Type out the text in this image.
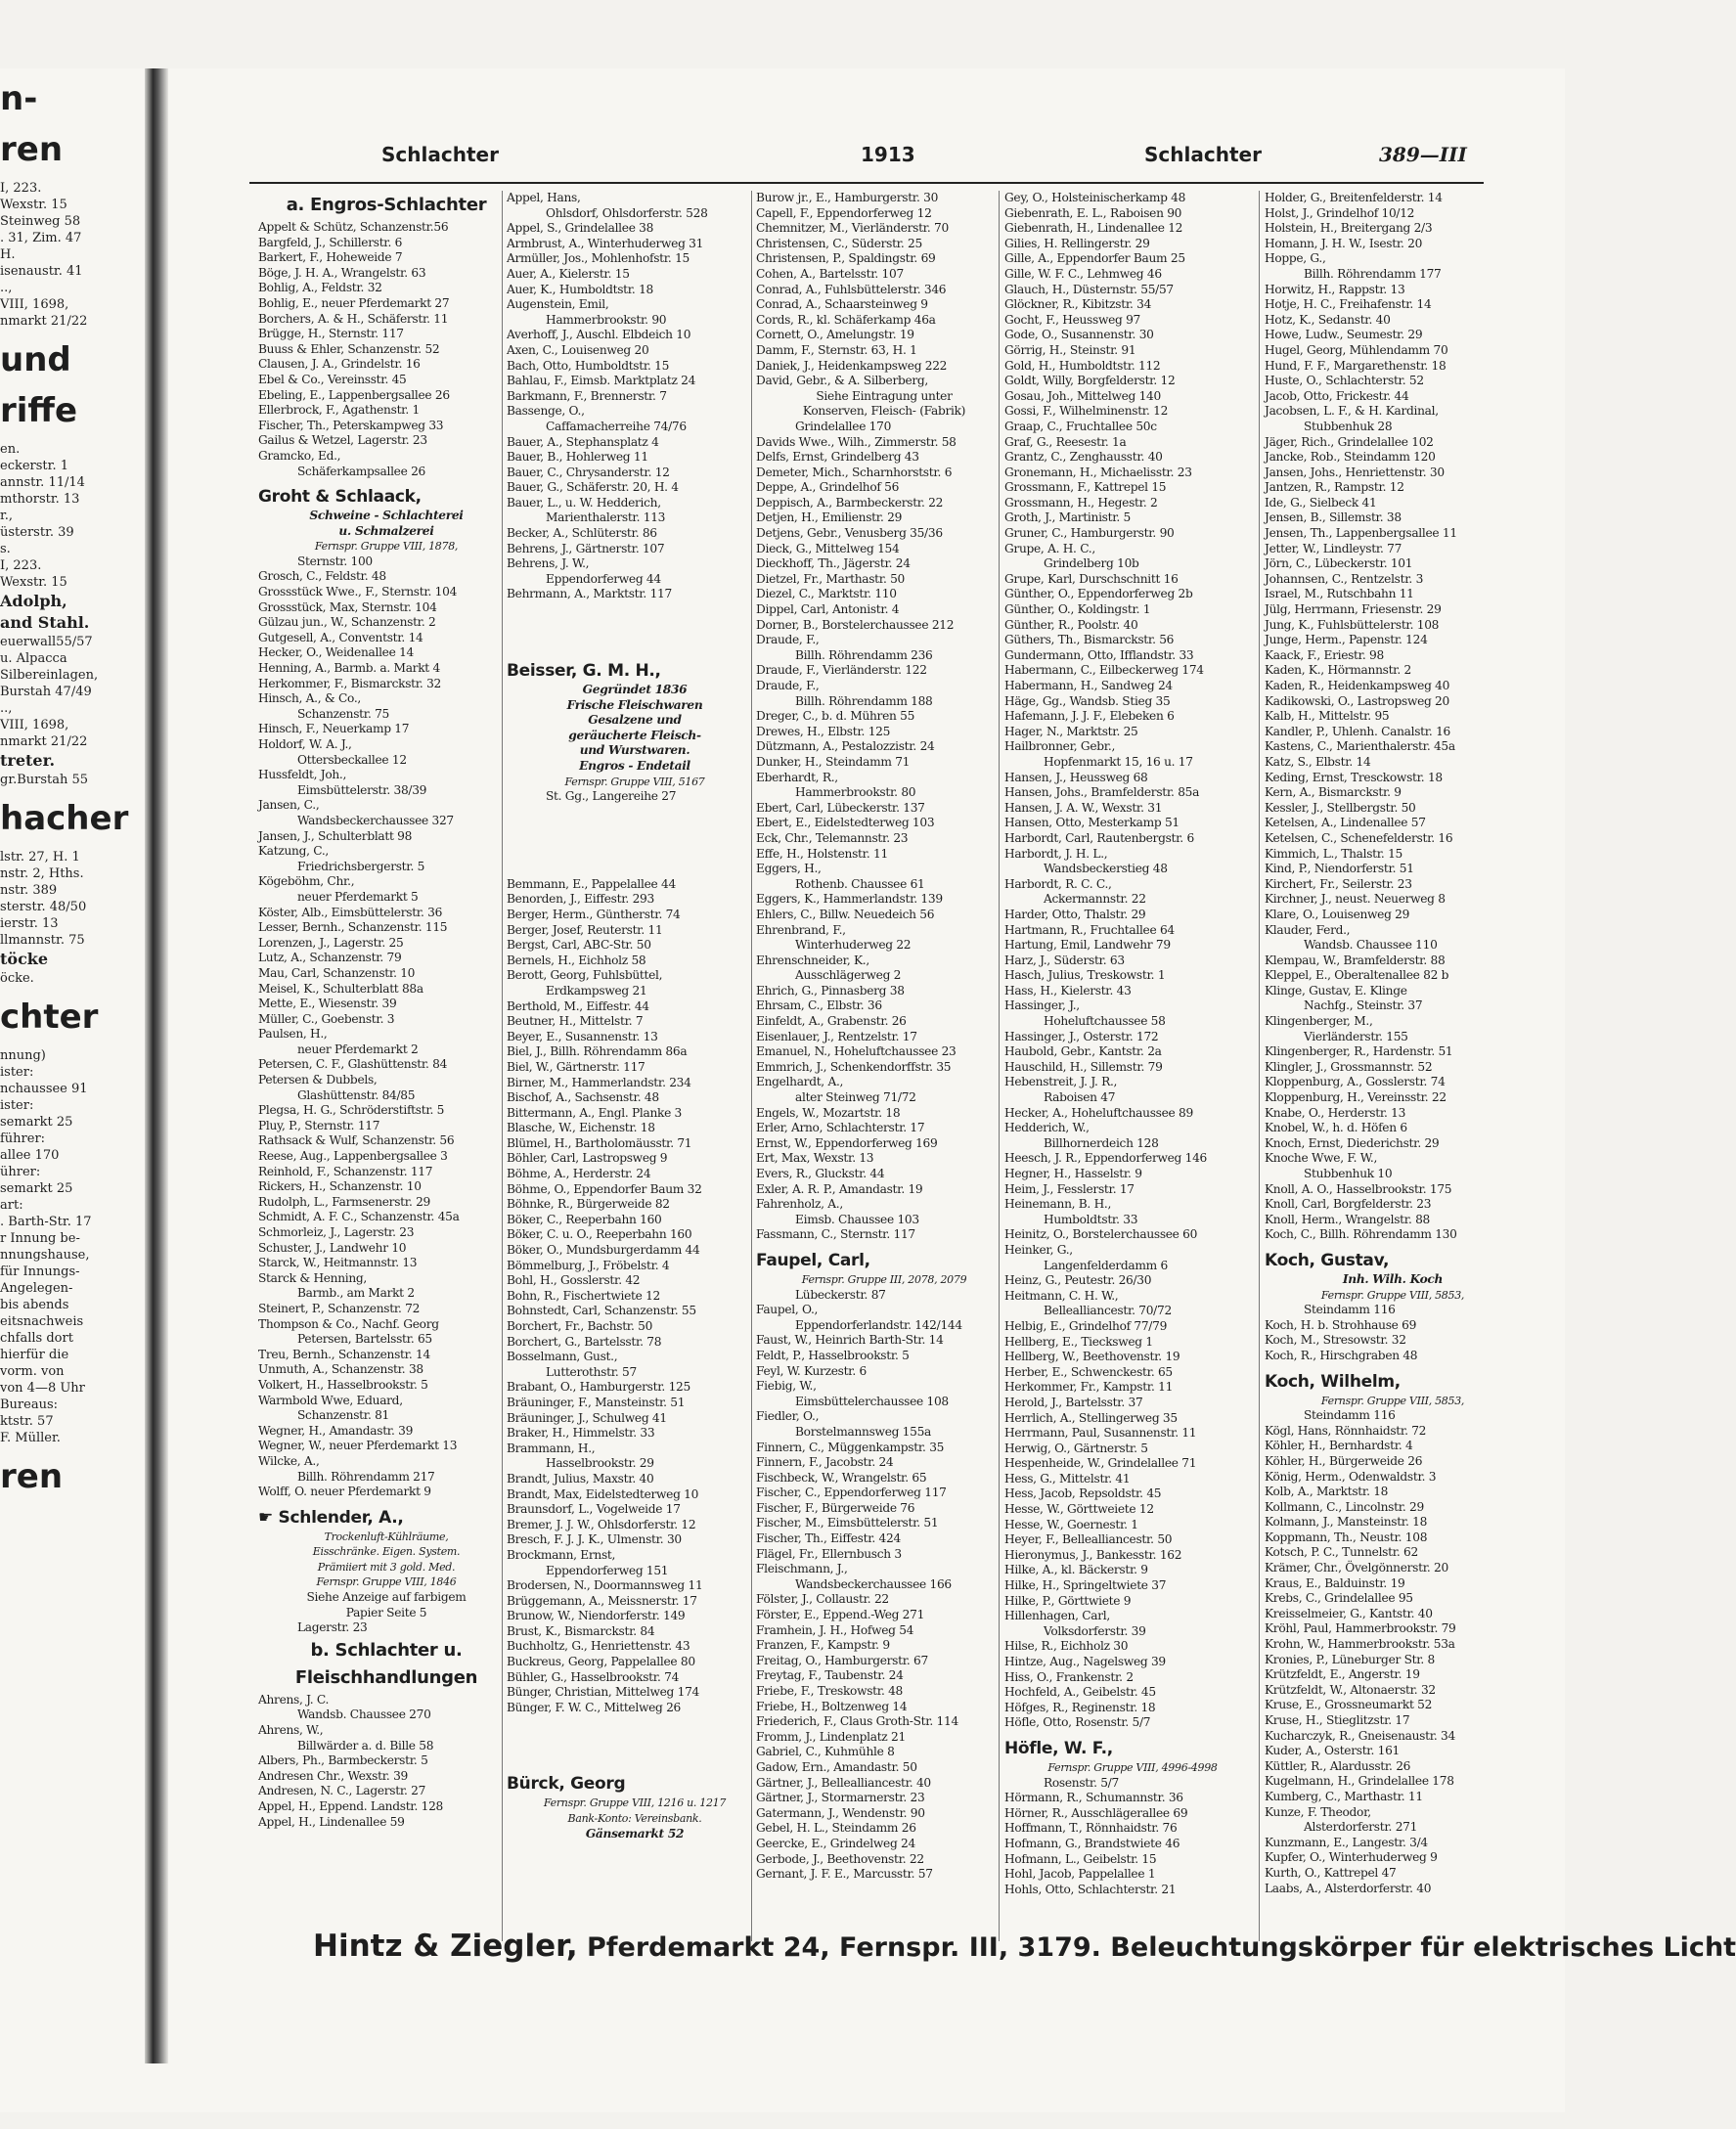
n-
ren
I, 223.
Wexstr. 15
Steinweg 58
. 31, Zim. 47
H.
isenaustr. 41
..,
VIII, 1698,
nmarkt 21/22
und
riffe
en.
eckerstr. 1
annstr. 11/14
mthorstr. 13
r.,
üsterstr. 39
s.
I, 223.
Wexstr. 15
Adolph,
and Stahl.
euerwall55/57
u. Alpacca
Silbereinlagen,
Burstah 47/49
..,
VIII, 1698,
nmarkt 21/22
treter.
gr.Burstah 55
hacher
lstr. 27, H. 1
nstr. 2, Hths.
nstr. 389
sterstr. 48/50
ierstr. 13
llmannstr. 75
töcke
öcke.
chter
nnung)
ister:
nchaussee 91
ister:
semarkt 25
führer:
allee 170
ührer:
semarkt 25
art:
. Barth-Str. 17
r Innung be-
nnungshause,
für Innungs-
Angelegen-
bis abends
eitsnachweis
chfalls dort
hierfür die
vorm. von
von 4—8 Uhr
Bureaus:
ktstr. 57
F. Müller.
ren
Schlachter	1913	Schlachter	389—III
a. Engros-Schlachter
Appelt & Schütz, Schanzenstr.56
Bargfeld, J., Schillerstr. 6
Barkert, F., Hoheweide 7
Böge, J. H. A., Wrangelstr. 63
Bohlig, A., Feldstr. 32
Bohlig, E., neuer Pferdemarkt 27
Borchers, A. & H., Schäferstr. 11
Brügge, H., Sternstr. 117
Buuss & Ehler, Schanzenstr. 52
Clausen, J. A., Grindelstr. 16
Ebel & Co., Vereinsstr. 45
Ebeling, E., Lappenbergsallee 26
Ellerbrock, F., Agathenstr. 1
Fischer, Th., Peterskampweg 33
Gailus & Wetzel, Lagerstr. 23
Gramcko, Ed.,
Schäferkampsallee 26
Groht & Schlaack,
Schweine - Schlachterei
u. Schmalzerei
Fernspr. Gruppe VIII, 1878,
Sternstr. 100
Grosch, C., Feldstr. 48
Grossstück Wwe., F., Sternstr. 104
Grossstück, Max, Sternstr. 104
Gülzau jun., W., Schanzenstr. 2
Gutgesell, A., Conventstr. 14
Hecker, O., Weidenallee 14
Henning, A., Barmb. a. Markt 4
Herkommer, F., Bismarckstr. 32
Hinsch, A., & Co.,
Schanzenstr. 75
Hinsch, F., Neuerkamp 17
Holdorf, W. A. J.,
Ottersbeckallee 12
Hussfeldt, Joh.,
Eimsbüttelerstr. 38/39
Jansen, C.,
Wandsbeckerchaussee 327
Jansen, J., Schulterblatt 98
Katzung, C.,
Friedrichsbergerstr. 5
Kögeböhm, Chr.,
neuer Pferdemarkt 5
Köster, Alb., Eimsbüttelerstr. 36
Lesser, Bernh., Schanzenstr. 115
Lorenzen, J., Lagerstr. 25
Lutz, A., Schanzenstr. 79
Mau, Carl, Schanzenstr. 10
Meisel, K., Schulterblatt 88a
Mette, E., Wiesenstr. 39
Müller, C., Goebenstr. 3
Paulsen, H.,
neuer Pferdemarkt 2
Petersen, C. F., Glashüttenstr. 84
Petersen & Dubbels,
Glashüttenstr. 84/85
Plegsa, H. G., Schröderstiftstr. 5
Pluy, P., Sternstr. 117
Rathsack & Wulf, Schanzenstr. 56
Reese, Aug., Lappenbergsallee 3
Reinhold, F., Schanzenstr. 117
Rickers, H., Schanzenstr. 10
Rudolph, L., Farmsenerstr. 29
Schmidt, A. F. C., Schanzenstr. 45a
Schmorleiz, J., Lagerstr. 23
Schuster, J., Landwehr 10
Starck, W., Heitmannstr. 13
Starck & Henning,
Barmb., am Markt 2
Steinert, P., Schanzenstr. 72
Thompson & Co., Nachf. Georg
Petersen, Bartelsstr. 65
Treu, Bernh., Schanzenstr. 14
Unmuth, A., Schanzenstr. 38
Volkert, H., Hasselbrookstr. 5
Warmbold Wwe, Eduard,
Schanzenstr. 81
Wegner, H., Amandastr. 39
Wegner, W., neuer Pferdemarkt 13
Wilcke, A.,
Billh. Röhrendamm 217
Wolff, O. neuer Pferdemarkt 9
☛ Schlender, A.,
Trockenluft-Kühlräume,
Eisschränke. Eigen. System.
Prämiiert mit 3 gold. Med.
Fernspr. Gruppe VIII, 1846
Siehe Anzeige auf farbigem
Papier Seite 5
Lagerstr. 23
b. Schlachter u.
Fleischhandlungen
Ahrens, J. C.
Wandsb. Chaussee 270
Ahrens, W.,
Billwärder a. d. Bille 58
Albers, Ph., Barmbeckerstr. 5
Andresen Chr., Wexstr. 39
Andresen, N. C., Lagerstr. 27
Appel, H., Eppend. Landstr. 128
Appel, H., Lindenallee 59
Appel, Hans,
Ohlsdorf, Ohlsdorferstr. 528
Appel, S., Grindelallee 38
Armbrust, A., Winterhuderweg 31
Armüller, Jos., Mohlenhofstr. 15
Auer, A., Kielerstr. 15
Auer, K., Humboldtstr. 18
Augenstein, Emil,
Hammerbrookstr. 90
Averhoff, J., Auschl. Elbdeich 10
Axen, C., Louisenweg 20
Bach, Otto, Humboldtstr. 15
Bahlau, F., Eimsb. Marktplatz 24
Barkmann, F., Brennerstr. 7
Bassenge, O.,
Caffamacherreihe 74/76
Bauer, A., Stephansplatz 4
Bauer, B., Hohlerweg 11
Bauer, C., Chrysanderstr. 12
Bauer, G., Schäferstr. 20, H. 4
Bauer, L., u. W. Hedderich,
Marienthalerstr. 113
Becker, A., Schlüterstr. 86
Behrens, J., Gärtnerstr. 107
Behrens, J. W.,
Eppendorferweg 44
Behrmann, A., Marktstr. 117
Beisser, G. M. H.,
Gegründet 1836
Frische Fleischwaren
Gesalzene und
geräucherte Fleisch-
und Wurstwaren.
Engros - Endetail
Fernspr. Gruppe VIII, 5167
St. Gg., Langereihe 27
Bemmann, E., Pappelallee 44
Benorden, J., Eiffestr. 293
Berger, Herm., Güntherstr. 74
Berger, Josef, Reuterstr. 11
Bergst, Carl, ABC-Str. 50
Bernels, H., Eichholz 58
Berott, Georg, Fuhlsbüttel,
Erdkampsweg 21
Berthold, M., Eiffestr. 44
Beutner, H., Mittelstr. 7
Beyer, E., Susannenstr. 13
Biel, J., Billh. Röhrendamm 86a
Biel, W., Gärtnerstr. 117
Birner, M., Hammerlandstr. 234
Bischof, A., Sachsenstr. 48
Bittermann, A., Engl. Planke 3
Blasche, W., Eichenstr. 18
Blümel, H., Bartholomäusstr. 71
Böhler, Carl, Lastropsweg 9
Böhme, A., Herderstr. 24
Böhme, O., Eppendorfer Baum 32
Böhnke, R., Bürgerweide 82
Böker, C., Reeperbahn 160
Böker, C. u. O., Reeperbahn 160
Böker, O., Mundsburgerdamm 44
Bömmelburg, J., Fröbelstr. 4
Bohl, H., Gosslerstr. 42
Bohn, R., Fischertwiete 12
Bohnstedt, Carl, Schanzenstr. 55
Borchert, Fr., Bachstr. 50
Borchert, G., Bartelsstr. 78
Bosselmann, Gust.,
Lutterothstr. 57
Brabant, O., Hamburgerstr. 125
Bräuninger, F., Mansteinstr. 51
Bräuninger, J., Schulweg 41
Braker, H., Himmelstr. 33
Brammann, H.,
Hasselbrookstr. 29
Brandt, Julius, Maxstr. 40
Brandt, Max, Eidelstedterweg 10
Braunsdorf, L., Vogelweide 17
Bremer, J. J. W., Ohlsdorferstr. 12
Bresch, F. J. J. K., Ulmenstr. 30
Brockmann, Ernst,
Eppendorferweg 151
Brodersen, N., Doormannsweg 11
Brüggemann, A., Meissnerstr. 17
Brunow, W., Niendorferstr. 149
Brust, K., Bismarckstr. 84
Buchholtz, G., Henriettenstr. 43
Buckreus, Georg, Pappelallee 80
Bühler, G., Hasselbrookstr. 74
Bünger, Christian, Mittelweg 174
Bünger, F. W. C., Mittelweg 26
Bürck, Georg
Fernspr. Gruppe VIII, 1216 u. 1217
Bank-Konto: Vereinsbank.
Gänsemarkt 52
Burow jr., E., Hamburgerstr. 30
Capell, F., Eppendorferweg 12
Chemnitzer, M., Vierländerstr. 70
Christensen, C., Süderstr. 25
Christensen, P., Spaldingstr. 69
Cohen, A., Bartelsstr. 107
Conrad, A., Fuhlsbüttelerstr. 346
Conrad, A., Schaarsteinweg 9
Cords, R., kl. Schäferkamp 46a
Cornett, O., Amelungstr. 19
Damm, F., Sternstr. 63, H. 1
Daniek, J., Heidenkampsweg 222
David, Gebr., & A. Silberberg,
Siehe Eintragung unter
Konserven, Fleisch- (Fabrik)
Grindelallee 170
Davids Wwe., Wilh., Zimmerstr. 58
Delfs, Ernst, Grindelberg 43
Demeter, Mich., Scharnhorststr. 6
Deppe, A., Grindelhof 56
Deppisch, A., Barmbeckerstr. 22
Detjen, H., Emilienstr. 29
Detjens, Gebr., Venusberg 35/36
Dieck, G., Mittelweg 154
Dieckhoff, Th., Jägerstr. 24
Dietzel, Fr., Marthastr. 50
Diezel, C., Marktstr. 110
Dippel, Carl, Antonistr. 4
Dorner, B., Borstelerchaussee 212
Draude, F.,
Billh. Röhrendamm 236
Draude, F., Vierländerstr. 122
Draude, F.,
Billh. Röhrendamm 188
Dreger, C., b. d. Mühren 55
Drewes, H., Elbstr. 125
Dützmann, A., Pestalozzistr. 24
Dunker, H., Steindamm 71
Eberhardt, R.,
Hammerbrookstr. 80
Ebert, Carl, Lübeckerstr. 137
Ebert, E., Eidelstedterweg 103
Eck, Chr., Telemannstr. 23
Effe, H., Holstenstr. 11
Eggers, H.,
Rothenb. Chaussee 61
Eggers, K., Hammerlandstr. 139
Ehlers, C., Billw. Neuedeich 56
Ehrenbrand, F.,
Winterhuderweg 22
Ehrenschneider, K.,
Ausschlägerweg 2
Ehrich, G., Pinnasberg 38
Ehrsam, C., Elbstr. 36
Einfeldt, A., Grabenstr. 26
Eisenlauer, J., Rentzelstr. 17
Emanuel, N., Hoheluftchaussee 23
Emmrich, J., Schenkendorffstr. 35
Engelhardt, A.,
alter Steinweg 71/72
Engels, W., Mozartstr. 18
Erler, Arno, Schlachterstr. 17
Ernst, W., Eppendorferweg 169
Ert, Max, Wexstr. 13
Evers, R., Gluckstr. 44
Exler, A. R. P., Amandastr. 19
Fahrenholz, A.,
Eimsb. Chaussee 103
Fassmann, C., Sternstr. 117
Faupel, Carl,
Fernspr. Gruppe III, 2078, 2079
Lübeckerstr. 87
Faupel, O.,
Eppendorferlandstr. 142/144
Faust, W., Heinrich Barth-Str. 14
Feldt, P., Hasselbrookstr. 5
Feyl, W. Kurzestr. 6
Fiebig, W.,
Eimsbüttelerchaussee 108
Fiedler, O.,
Borstelmannsweg 155a
Finnern, C., Müggenkampstr. 35
Finnern, F., Jacobstr. 24
Fischbeck, W., Wrangelstr. 65
Fischer, C., Eppendorferweg 117
Fischer, F., Bürgerweide 76
Fischer, M., Eimsbüttelerstr. 51
Fischer, Th., Eiffestr. 424
Flägel, Fr., Ellernbusch 3
Fleischmann, J.,
Wandsbeckerchaussee 166
Fölster, J., Collaustr. 22
Förster, E., Eppend.-Weg 271
Framhein, J. H., Hofweg 54
Franzen, F., Kampstr. 9
Freitag, O., Hamburgerstr. 67
Freytag, F., Taubenstr. 24
Friebe, F., Treskowstr. 48
Friebe, H., Boltzenweg 14
Friederich, F., Claus Groth-Str. 114
Fromm, J., Lindenplatz 21
Gabriel, C., Kuhmühle 8
Gadow, Ern., Amandastr. 50
Gärtner, J., Bellealliancestr. 40
Gärtner, J., Stormarnerstr. 23
Gatermann, J., Wendenstr. 90
Gebel, H. L., Steindamm 26
Geercke, E., Grindelweg 24
Gerbode, J., Beethovenstr. 22
Gernant, J. F. E., Marcusstr. 57
Gey, O., Holsteinischerkamp 48
Giebenrath, E. L., Raboisen 90
Giebenrath, H., Lindenallee 12
Gilies, H. Rellingerstr. 29
Gille, A., Eppendorfer Baum 25
Gille, W. F. C., Lehmweg 46
Glauch, H., Düsternstr. 55/57
Glöckner, R., Kibitzstr. 34
Gocht, F., Heussweg 97
Gode, O., Susannenstr. 30
Görrig, H., Steinstr. 91
Gold, H., Humboldtstr. 112
Goldt, Willy, Borgfelderstr. 12
Gosau, Joh., Mittelweg 140
Gossi, F., Wilhelminenstr. 12
Graap, C., Fruchtallee 50c
Graf, G., Reesestr. 1a
Grantz, C., Zenghausstr. 40
Gronemann, H., Michaelisstr. 23
Grossmann, F., Kattrepel 15
Grossmann, H., Hegestr. 2
Groth, J., Martinistr. 5
Gruner, C., Hamburgerstr. 90
Grupe, A. H. C.,
Grindelberg 10b
Grupe, Karl, Durschschnitt 16
Günther, O., Eppendorferweg 2b
Günther, O., Koldingstr. 1
Günther, R., Poolstr. 40
Güthers, Th., Bismarckstr. 56
Gundermann, Otto, Ifflandstr. 33
Habermann, C., Eilbeckerweg 174
Habermann, H., Sandweg 24
Häge, Gg., Wandsb. Stieg 35
Hafemann, J. J. F., Elebeken 6
Hager, N., Marktstr. 25
Hailbronner, Gebr.,
Hopfenmarkt 15, 16 u. 17
Hansen, J., Heussweg 68
Hansen, Johs., Bramfelderstr. 85a
Hansen, J. A. W., Wexstr. 31
Hansen, Otto, Mesterkamp 51
Harbordt, Carl, Rautenbergstr. 6
Harbordt, J. H. L.,
Wandsbeckerstieg 48
Harbordt, R. C. C.,
Ackermannstr. 22
Harder, Otto, Thalstr. 29
Hartmann, R., Fruchtallee 64
Hartung, Emil, Landwehr 79
Harz, J., Süderstr. 63
Hasch, Julius, Treskowstr. 1
Hass, H., Kielerstr. 43
Hassinger, J.,
Hoheluftchaussee 58
Hassinger, J., Osterstr. 172
Haubold, Gebr., Kantstr. 2a
Hauschild, H., Sillemstr. 79
Hebenstreit, J. J. R.,
Raboisen 47
Hecker, A., Hoheluftchaussee 89
Hedderich, W.,
Billhornerdeich 128
Heesch, J. R., Eppendorferweg 146
Hegner, H., Hasselstr. 9
Heim, J., Fesslerstr. 17
Heinemann, B. H.,
Humboldtstr. 33
Heinitz, O., Borstelerchaussee 60
Heinker, G.,
Langenfelderdamm 6
Heinz, G., Peutestr. 26/30
Heitmann, C. H. W.,
Bellealliancestr. 70/72
Helbig, E., Grindelhof 77/79
Hellberg, E., Tiecksweg 1
Hellberg, W., Beethovenstr. 19
Herber, E., Schwenckestr. 65
Herkommer, Fr., Kampstr. 11
Herold, J., Bartelsstr. 37
Herrlich, A., Stellingerweg 35
Herrmann, Paul, Susannenstr. 11
Herwig, O., Gärtnerstr. 5
Hespenheide, W., Grindelallee 71
Hess, G., Mittelstr. 41
Hess, Jacob, Repsoldstr. 45
Hesse, W., Görttweiete 12
Hesse, W., Goernestr. 1
Heyer, F., Bellealliancestr. 50
Hieronymus, J., Bankesstr. 162
Hilke, A., kl. Bäckerstr. 9
Hilke, H., Springeltwiete 37
Hilke, P., Görttwiete 9
Hillenhagen, Carl,
Volksdorferstr. 39
Hilse, R., Eichholz 30
Hintze, Aug., Nagelsweg 39
Hiss, O., Frankenstr. 2
Hochfeld, A., Geibelstr. 45
Höfges, R., Reginenstr. 18
Höfle, Otto, Rosenstr. 5/7
Höfle, W. F.,
Fernspr. Gruppe VIII, 4996-4998
Rosenstr. 5/7
Hörmann, R., Schumannstr. 36
Hörner, R., Ausschlägerallee 69
Hoffmann, T., Rönnhaidstr. 76
Hofmann, G., Brandstwiete 46
Hofmann, L., Geibelstr. 15
Hohl, Jacob, Pappelallee 1
Hohls, Otto, Schlachterstr. 21
Holder, G., Breitenfelderstr. 14
Holst, J., Grindelhof 10/12
Holstein, H., Breitergang 2/3
Homann, J. H. W., Isestr. 20
Hoppe, G.,
Billh. Röhrendamm 177
Horwitz, H., Rappstr. 13
Hotje, H. C., Freihafenstr. 14
Hotz, K., Sedanstr. 40
Howe, Ludw., Seumestr. 29
Hugel, Georg, Mühlendamm 70
Hund, F. F., Margarethenstr. 18
Huste, O., Schlachterstr. 52
Jacob, Otto, Frickestr. 44
Jacobsen, L. F., & H. Kardinal,
Stubbenhuk 28
Jäger, Rich., Grindelallee 102
Jancke, Rob., Steindamm 120
Jansen, Johs., Henriettenstr. 30
Jantzen, R., Rampstr. 12
Ide, G., Sielbeck 41
Jensen, B., Sillemstr. 38
Jensen, Th., Lappenbergsallee 11
Jetter, W., Lindleystr. 77
Jörn, C., Lübeckerstr. 101
Johannsen, C., Rentzelstr. 3
Israel, M., Rutschbahn 11
Jülg, Herrmann, Friesenstr. 29
Jung, K., Fuhlsbüttelerstr. 108
Junge, Herm., Papenstr. 124
Kaack, F., Eriestr. 98
Kaden, K., Hörmannstr. 2
Kaden, R., Heidenkampsweg 40
Kadikowski, O., Lastropsweg 20
Kalb, H., Mittelstr. 95
Kandler, P., Uhlenh. Canalstr. 16
Kastens, C., Marienthalerstr. 45a
Katz, S., Elbstr. 14
Keding, Ernst, Tresckowstr. 18
Kern, A., Bismarckstr. 9
Kessler, J., Stellbergstr. 50
Ketelsen, A., Lindenallee 57
Ketelsen, C., Schenefelderstr. 16
Kimmich, L., Thalstr. 15
Kind, P., Niendorferstr. 51
Kirchert, Fr., Seilerstr. 23
Kirchner, J., neust. Neuerweg 8
Klare, O., Louisenweg 29
Klauder, Ferd.,
Wandsb. Chaussee 110
Klempau, W., Bramfelderstr. 88
Kleppel, E., Oberaltenallee 82 b
Klinge, Gustav, E. Klinge
Nachfg., Steinstr. 37
Klingenberger, M.,
Vierländerstr. 155
Klingenberger, R., Hardenstr. 51
Klingler, J., Grossmannstr. 52
Kloppenburg, A., Gosslerstr. 74
Kloppenburg, H., Vereinsstr. 22
Knabe, O., Herderstr. 13
Knobel, W., h. d. Höfen 6
Knoch, Ernst, Diederichstr. 29
Knoche Wwe, F. W.,
Stubbenhuk 10
Knoll, A. O., Hasselbrookstr. 175
Knoll, Carl, Borgfelderstr. 23
Knoll, Herm., Wrangelstr. 88
Koch, C., Billh. Röhrendamm 130
Koch, Gustav,
Inh. Wilh. Koch
Fernspr. Gruppe VIII, 5853,
Steindamm 116
Koch, H. b. Strohhause 69
Koch, M., Stresowstr. 32
Koch, R., Hirschgraben 48
Koch, Wilhelm,
Fernspr. Gruppe VIII, 5853,
Steindamm 116
Kögl, Hans, Rönnhaidstr. 72
Köhler, H., Bernhardstr. 4
Köhler, H., Bürgerweide 26
König, Herm., Odenwaldstr. 3
Kolb, A., Marktstr. 18
Kollmann, C., Lincolnstr. 29
Kolmann, J., Mansteinstr. 18
Koppmann, Th., Neustr. 108
Kotsch, P. C., Tunnelstr. 62
Krämer, Chr., Övelgönnerstr. 20
Kraus, E., Balduinstr. 19
Krebs, C., Grindelallee 95
Kreisselmeier, G., Kantstr. 40
Kröhl, Paul, Hammerbrookstr. 79
Krohn, W., Hammerbrookstr. 53a
Kronies, P., Lüneburger Str. 8
Krützfeldt, E., Angerstr. 19
Krützfeldt, W., Altonaerstr. 32
Kruse, E., Grossneumarkt 52
Kruse, H., Stieglitzstr. 17
Kucharczyk, R., Gneisenaustr. 34
Kuder, A., Osterstr. 161
Küttler, R., Alardusstr. 26
Kugelmann, H., Grindelallee 178
Kumberg, C., Marthastr. 11
Kunze, F. Theodor,
Alsterdorferstr. 271
Kunzmann, E., Langestr. 3/4
Kupfer, O., Winterhuderweg 9
Kurth, O., Kattrepel 47
Laabs, A., Alsterdorferstr. 40
Hintz & Ziegler, Pferdemarkt 24, Fernspr. III, 3179. Beleuchtungskörper für elektrisches Licht
